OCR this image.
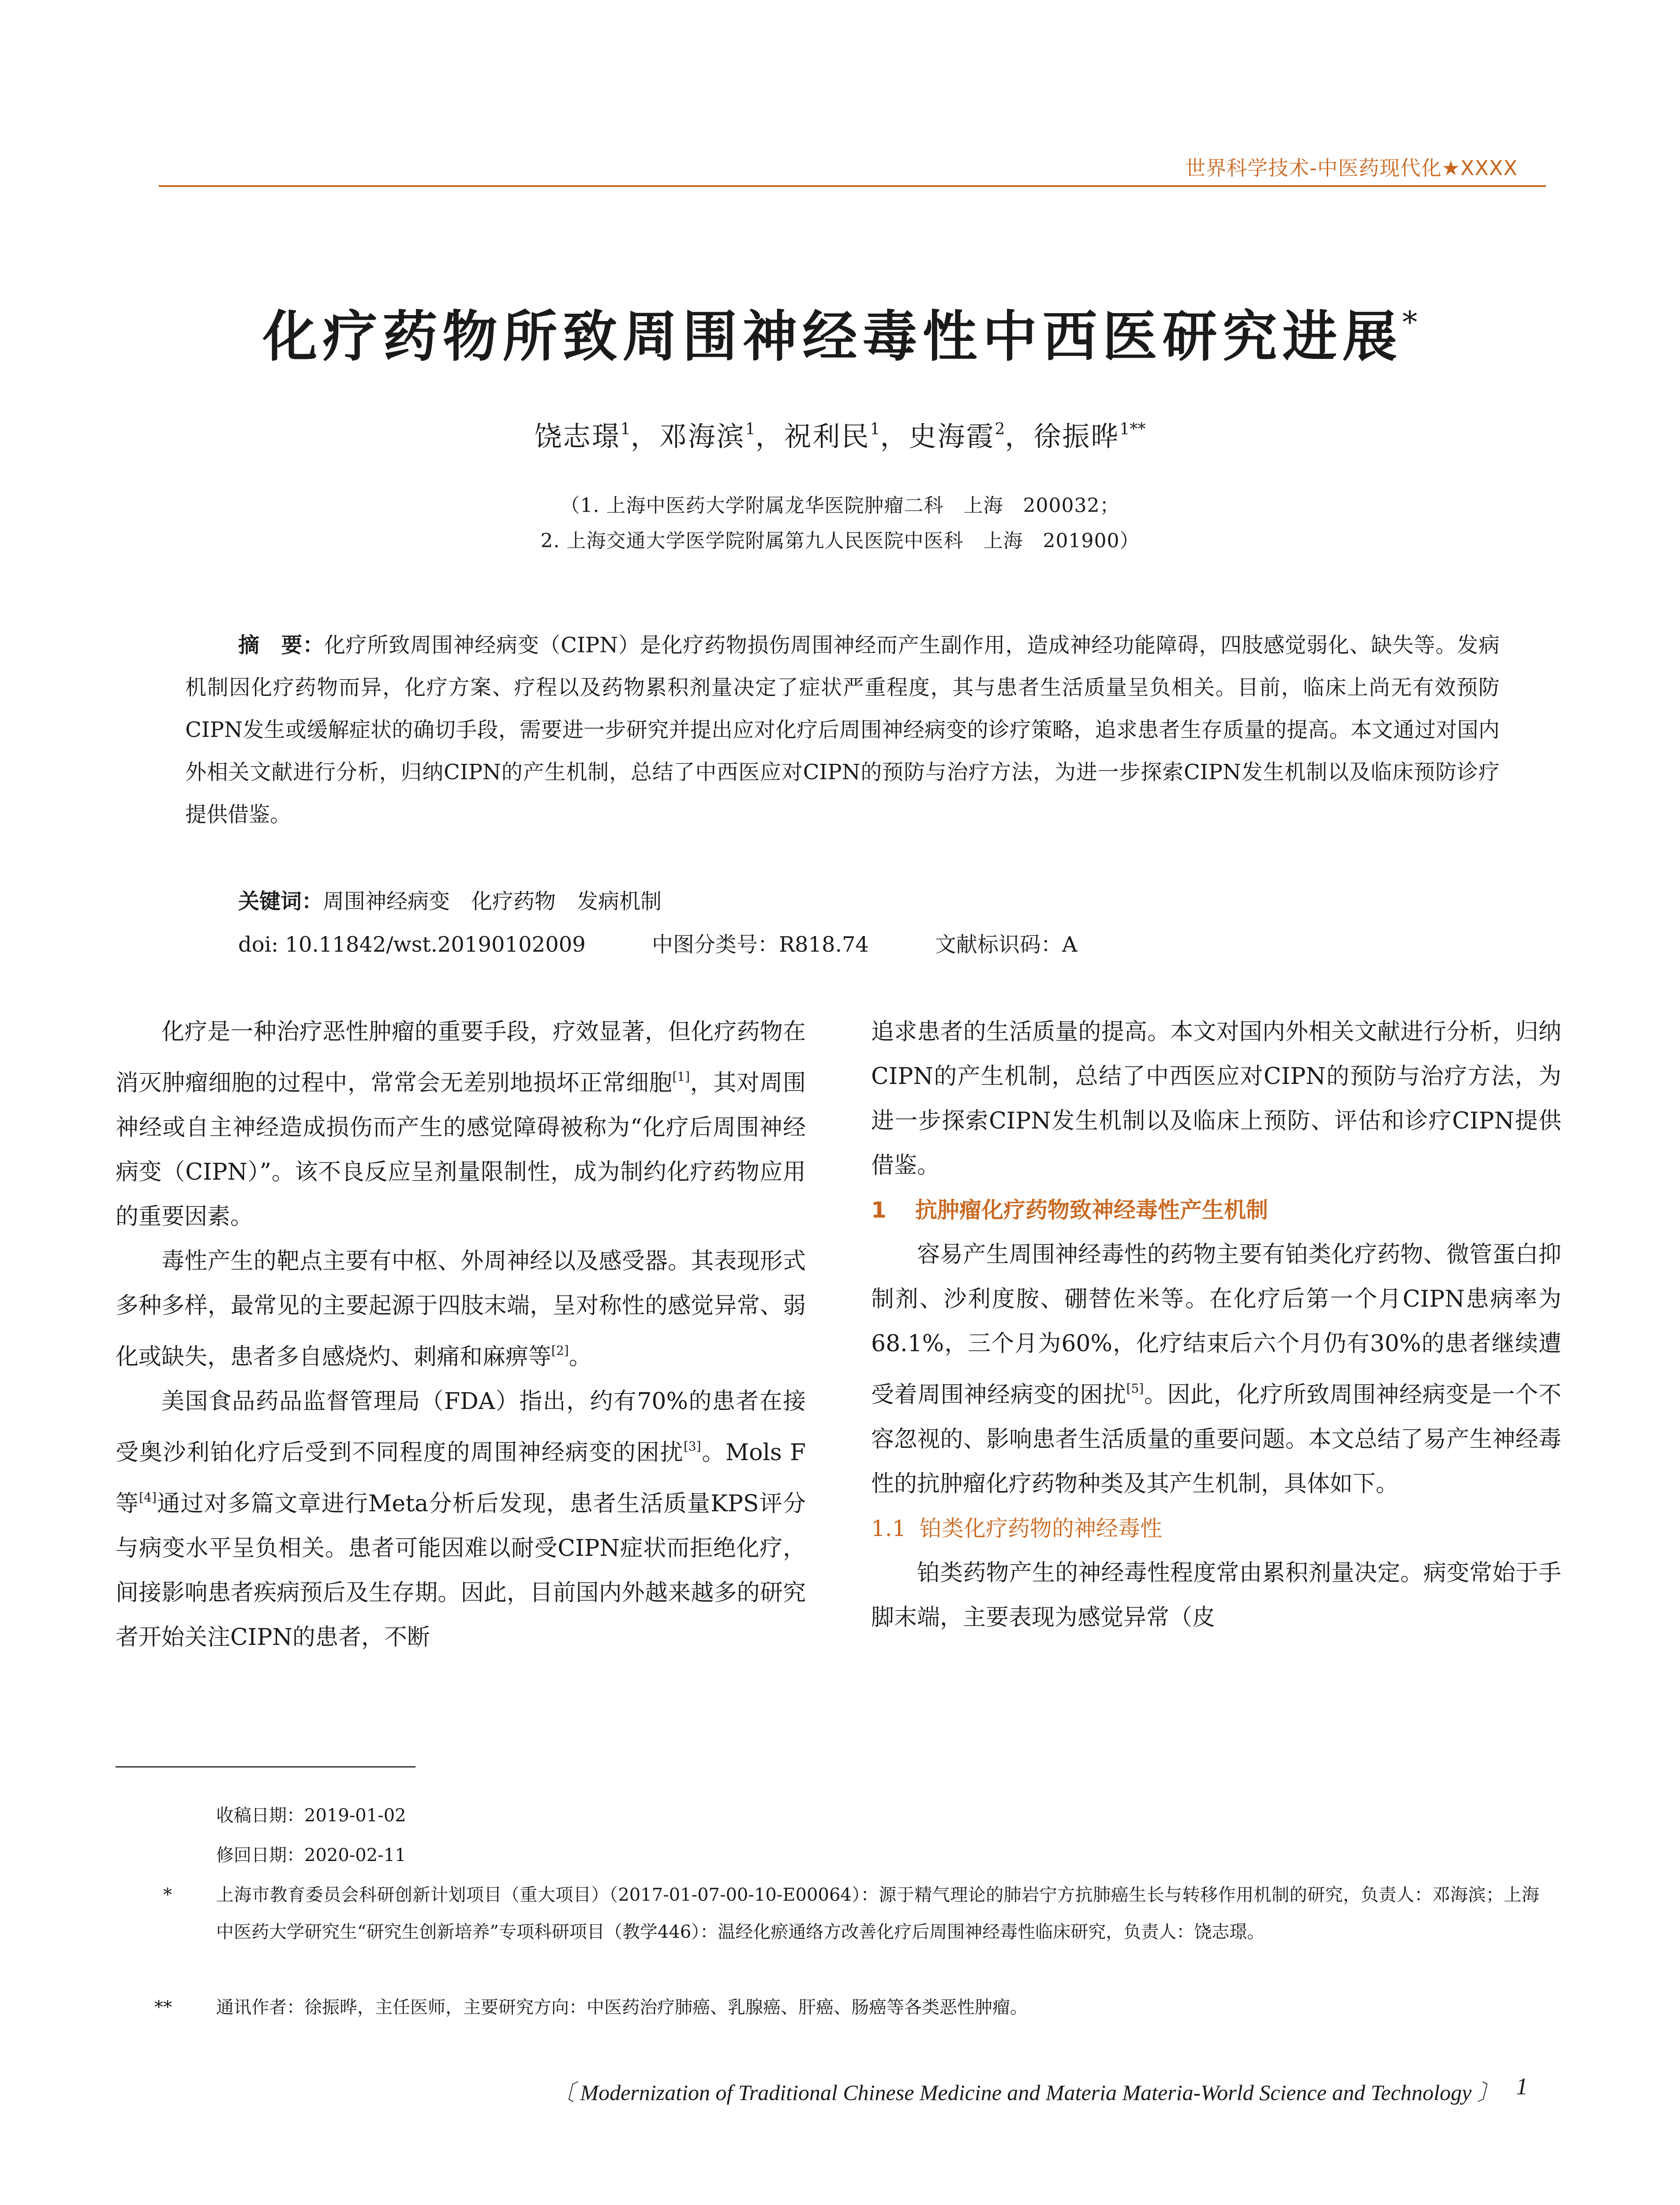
世界科学技术-中医药现代化★XXXX
化疗药物所致周围神经毒性中西医研究进展*
饶志璟$^1$，邓海滨$^1$，祝利民$^1$，史海霞$^2$，徐振晔$^{1**}$
（1. 上海中医药大学附属龙华医院肿瘤二科　上海　200032；
2. 上海交通大学医学院附属第九人民医院中医科　上海　201900）

摘　要：化疗所致周围神经病变（CIPN）是化疗药物损伤周围神经而产生副作用，造成神经功能障碍，四肢感觉弱化、缺失等。发病机制因化疗药物而异，化疗方案、疗程以及药物累积剂量决定了症状严重程度，其与患者生活质量呈负相关。目前，临床上尚无有效预防CIPN发生或缓解症状的确切手段，需要进一步研究并提出应对化疗后周围神经病变的诊疗策略，追求患者生存质量的提高。本文通过对国内外相关文献进行分析，归纳CIPN的产生机制，总结了中西医应对CIPN的预防与治疗方法，为进一步探索CIPN发生机制以及临床预防诊疗提供借鉴。

关键词：周围神经病变　化疗药物　发病机制
doi: 10.11842/wst.20190102009	中图分类号：R818.74	文献标识码：A

化疗是一种治疗恶性肿瘤的重要手段，疗效显著，但化疗药物在消灭肿瘤细胞的过程中，常常会无差别地损坏正常细胞[1]，其对周围神经或自主神经造成损伤而产生的感觉障碍被称为“化疗后周围神经病变（CIPN）”。该不良反应呈剂量限制性，成为制约化疗药物应用的重要因素。

毒性产生的靶点主要有中枢、外周神经以及感受器。其表现形式多种多样，最常见的主要起源于四肢末端，呈对称性的感觉异常、弱化或缺失，患者多自感烧灼、刺痛和麻痹等[2]。

美国食品药品监督管理局（FDA）指出，约有70%的患者在接受奥沙利铂化疗后受到不同程度的周围神经病变的困扰[3]。Mols F 等[4]通过对多篇文章进行Meta分析后发现，患者生活质量KPS评分与病变水平呈负相关。患者可能因难以耐受CIPN症状而拒绝化疗，间接影响患者疾病预后及生存期。因此，目前国内外越来越多的研究者开始关注CIPN的患者，不断

追求患者的生活质量的提高。本文对国内外相关文献进行分析，归纳CIPN的产生机制，总结了中西医应对CIPN的预防与治疗方法，为进一步探索CIPN发生机制以及临床上预防、评估和诊疗CIPN提供借鉴。

1 抗肿瘤化疗药物致神经毒性产生机制

容易产生周围神经毒性的药物主要有铂类化疗药物、微管蛋白抑制剂、沙利度胺、硼替佐米等。在化疗后第一个月CIPN患病率为68.1%，三个月为60%，化疗结束后六个月仍有30%的患者继续遭受着周围神经病变的困扰[5]。因此，化疗所致周围神经病变是一个不容忽视的、影响患者生活质量的重要问题。本文总结了易产生神经毒性的抗肿瘤化疗药物种类及其产生机制，具体如下。

1.1 铂类化疗药物的神经毒性

铂类药物产生的神经毒性程度常由累积剂量决定。病变常始于手脚末端，主要表现为感觉异常（皮

收稿日期：2019-01-02
修回日期：2020-02-11
*	上海市教育委员会科研创新计划项目（重大项目）（2017-01-07-00-10-E00064）：源于精气理论的肺岩宁方抗肺癌生长与转移作用机制的研究，负责人：邓海滨；上海中医药大学研究生“研究生创新培养”专项科研项目（教学446）：温经化瘀通络方改善化疗后周围神经毒性临床研究，负责人：饶志璟。
**	通讯作者：徐振晔，主任医师，主要研究方向：中医药治疗肺癌、乳腺癌、肝癌、肠癌等各类恶性肿瘤。
〔 Modernization of Traditional Chinese Medicine and Materia Materia-World Science and Technology 〕 1
